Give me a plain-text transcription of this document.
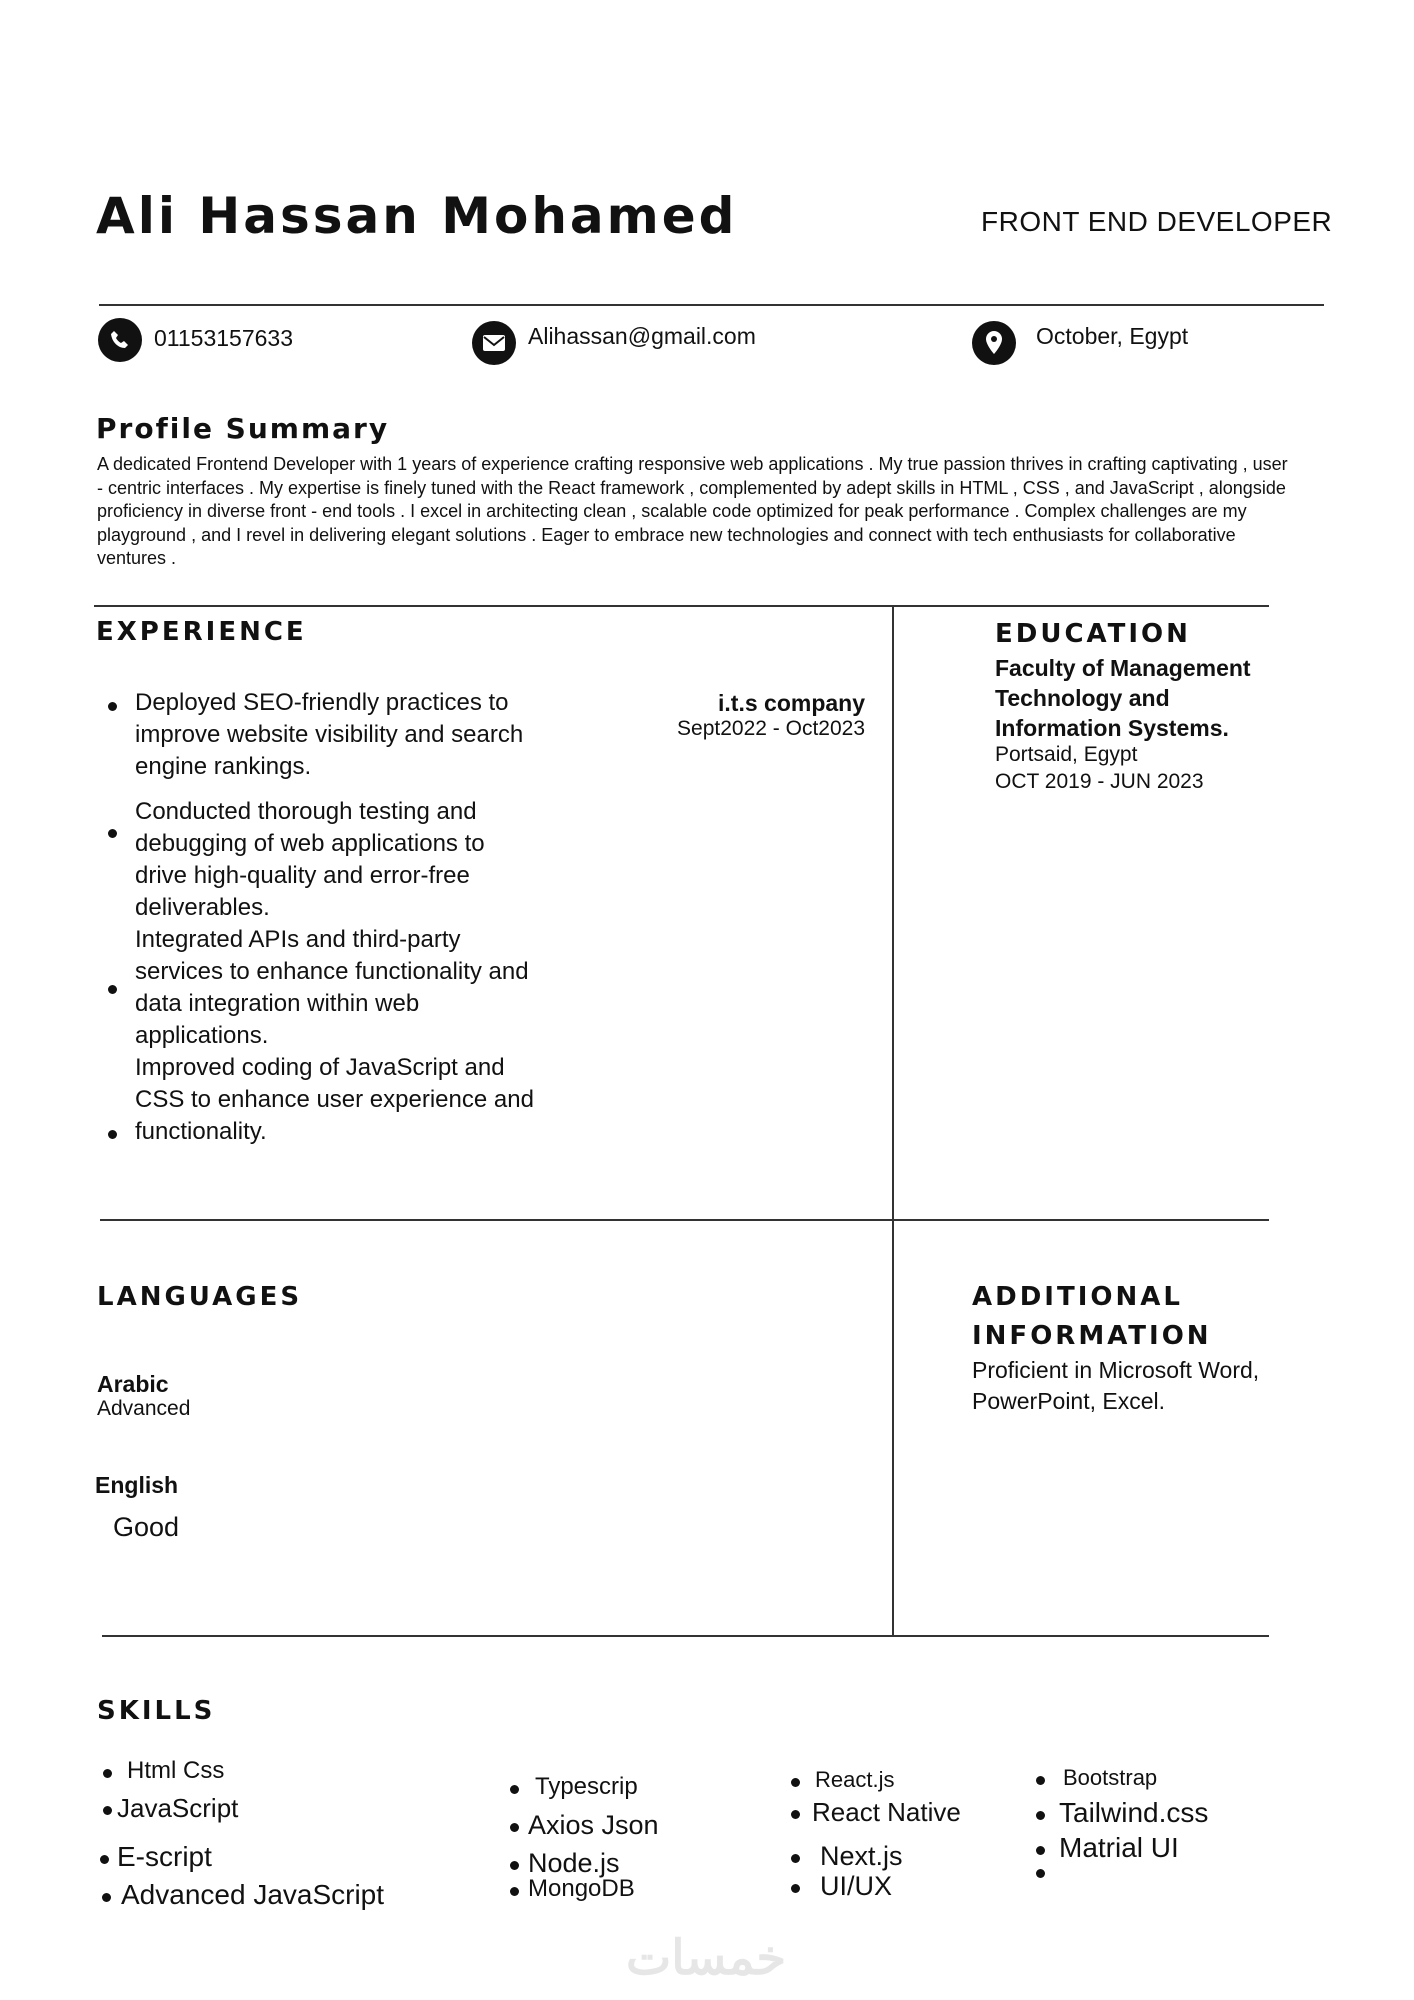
Ali Hassan Mohamed	FRONT END DEVELOPER
01153157633	Alihassan@gmail.com	October, Egypt
Profile Summary
A dedicated Frontend Developer with 1 years of experience crafting responsive web applications . My true passion thrives in crafting captivating , user - centric interfaces . My expertise is finely tuned with the React framework , complemented by adept skills in HTML , CSS , and JavaScript , alongside proficiency in diverse front - end tools . I excel in architecting clean , scalable code optimized for peak performance . Complex challenges are my playground , and I revel in delivering elegant solutions . Eager to embrace new technologies and connect with tech enthusiasts for collaborative ventures .
EXPERIENCE
i.t.s company
Sept2022 - Oct2023
Deployed SEO-friendly practices to
improve website visibility and search
engine rankings.
Conducted thorough testing and
debugging of web applications to
drive high-quality and error-free
deliverables.
Integrated APIs and third-party
services to enhance functionality and
data integration within web
applications.
Improved coding of JavaScript and
CSS to enhance user experience and
functionality.
EDUCATION
Faculty of Management
Technology and
Information Systems.
Portsaid, Egypt
OCT 2019 - JUN 2023
LANGUAGES
Arabic
Advanced
English
Good
ADDITIONAL
INFORMATION
Proficient in Microsoft Word,
PowerPoint, Excel.
SKILLS
Html Css
JavaScript
E-script
Advanced JavaScript
Typescrip
Axios Json
Node.js
MongoDB
React.js
React Native
Next.js
UI/UX
Bootstrap
Tailwind.css
Matrial UI
خمسات
